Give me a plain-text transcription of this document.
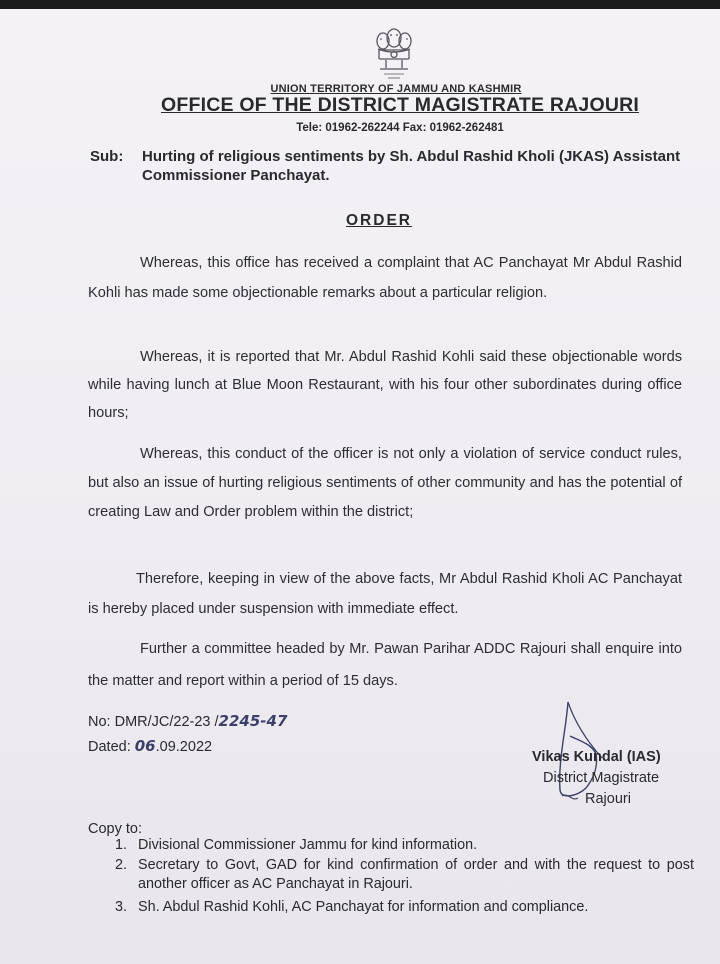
UNION TERRITORY OF JAMMU AND KASHMIR
OFFICE OF THE DISTRICT MAGISTRATE RAJOURI
Tele: 01962-262244 Fax: 01962-262481
Sub: Hurting of religious sentiments by Sh. Abdul Rashid Kholi (JKAS) Assistant Commissioner Panchayat.
ORDER
Whereas, this office has received a complaint that AC Panchayat Mr Abdul Rashid Kohli has made some objectionable remarks about a particular religion.
Whereas, it is reported that Mr. Abdul Rashid Kohli said these objectionable words while having lunch at Blue Moon Restaurant, with his four other subordinates during office hours;
Whereas, this conduct of the officer is not only a violation of service conduct rules, but also an issue of hurting religious sentiments of other community and has the potential of creating Law and Order problem within the district;
Therefore, keeping in view of the above facts, Mr Abdul Rashid Kholi AC Panchayat is hereby placed under suspension with immediate effect.
Further a committee headed by Mr. Pawan Parihar ADDC Rajouri shall enquire into the matter and report within a period of 15 days.
No: DMR/JC/22-23 /2245-47
Dated: 06.09.2022
Vikas Kundal (IAS)
District Magistrate
Rajouri
Copy to:
1. Divisional Commissioner Jammu for kind information.
2. Secretary to Govt, GAD for kind confirmation of order and with the request to post another officer as AC Panchayat in Rajouri.
3. Sh. Abdul Rashid Kohli, AC Panchayat for information and compliance.
